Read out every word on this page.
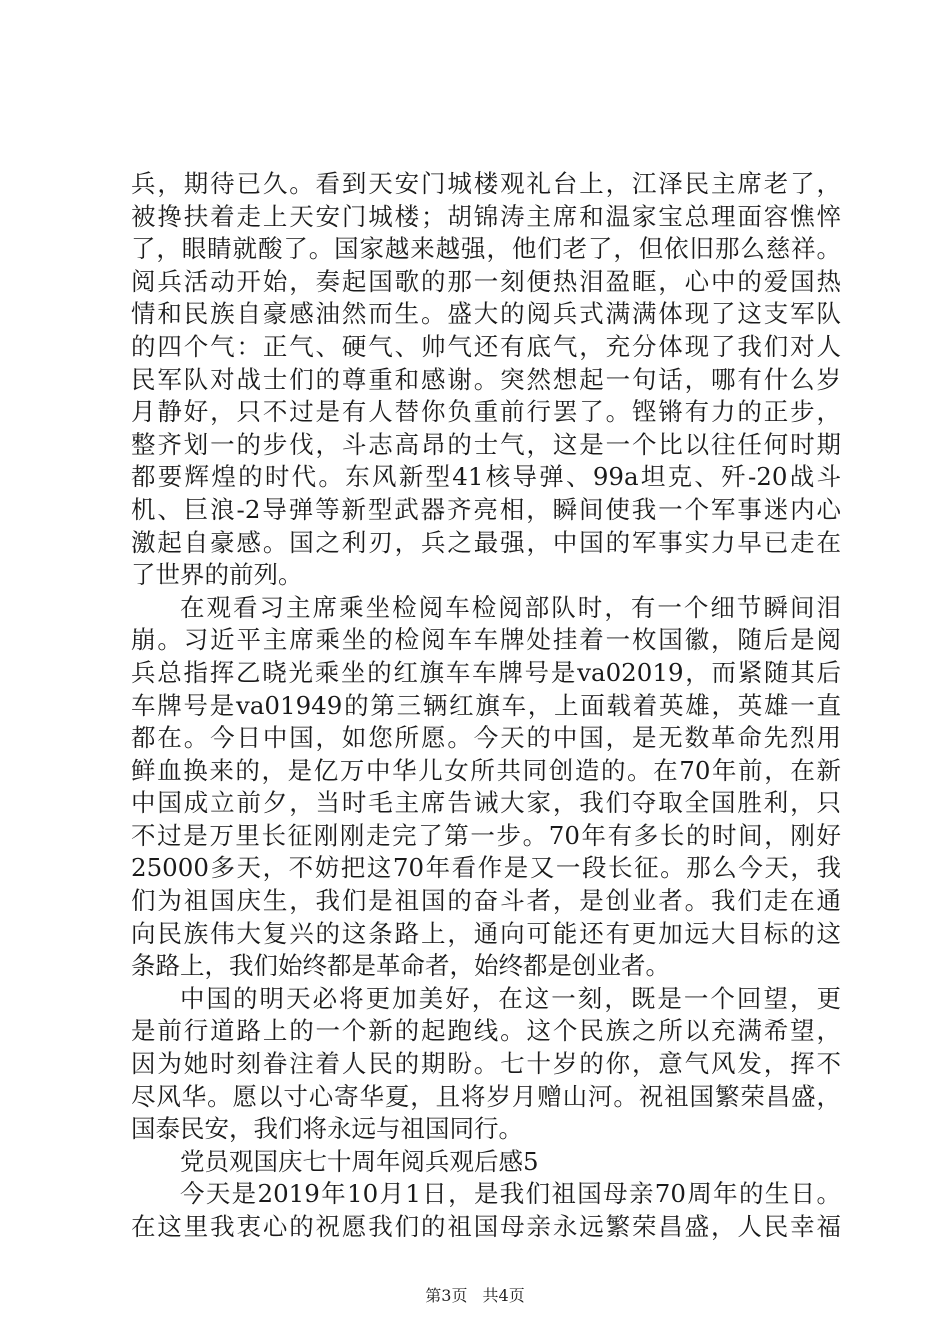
兵，期待已久。看到天安门城楼观礼台上，江泽民主席老了，
被搀扶着走上天安门城楼；胡锦涛主席和温家宝总理面容憔悴
了，眼睛就酸了。国家越来越强，他们老了，但依旧那么慈祥。
阅兵活动开始，奏起国歌的那一刻便热泪盈眶，心中的爱国热
情和民族自豪感油然而生。盛大的阅兵式满满体现了这支军队
的四个气：正气、硬气、帅气还有底气，充分体现了我们对人
民军队对战士们的尊重和感谢。突然想起一句话，哪有什么岁
月静好，只不过是有人替你负重前行罢了。铿锵有力的正步，
整齐划一的步伐，斗志高昂的士气，这是一个比以往任何时期
都要辉煌的时代。东风新型41核导弹、99a坦克、歼-20战斗
机、巨浪-2导弹等新型武器齐亮相，瞬间使我一个军事迷内心
激起自豪感。国之利刃，兵之最强，中国的军事实力早已走在
了世界的前列。
在观看习主席乘坐检阅车检阅部队时，有一个细节瞬间泪
崩。习近平主席乘坐的检阅车车牌处挂着一枚国徽，随后是阅
兵总指挥乙晓光乘坐的红旗车车牌号是va02019，而紧随其后
车牌号是va01949的第三辆红旗车，上面载着英雄，英雄一直
都在。今日中国，如您所愿。今天的中国，是无数革命先烈用
鲜血换来的，是亿万中华儿女所共同创造的。在70年前，在新
中国成立前夕，当时毛主席告诫大家，我们夺取全国胜利，只
不过是万里长征刚刚走完了第一步。70年有多长的时间，刚好
25000多天，不妨把这70年看作是又一段长征。那么今天，我
们为祖国庆生，我们是祖国的奋斗者，是创业者。我们走在通
向民族伟大复兴的这条路上，通向可能还有更加远大目标的这
条路上，我们始终都是革命者，始终都是创业者。
中国的明天必将更加美好，在这一刻，既是一个回望，更
是前行道路上的一个新的起跑线。这个民族之所以充满希望，
因为她时刻眷注着人民的期盼。七十岁的你，意气风发，挥不
尽风华。愿以寸心寄华夏，且将岁月赠山河。祝祖国繁荣昌盛，
国泰民安，我们将永远与祖国同行。
党员观国庆七十周年阅兵观后感5
今天是2019年10月1日，是我们祖国母亲70周年的生日。
在这里我衷心的祝愿我们的祖国母亲永远繁荣昌盛，人民幸福
第3页 共4页
